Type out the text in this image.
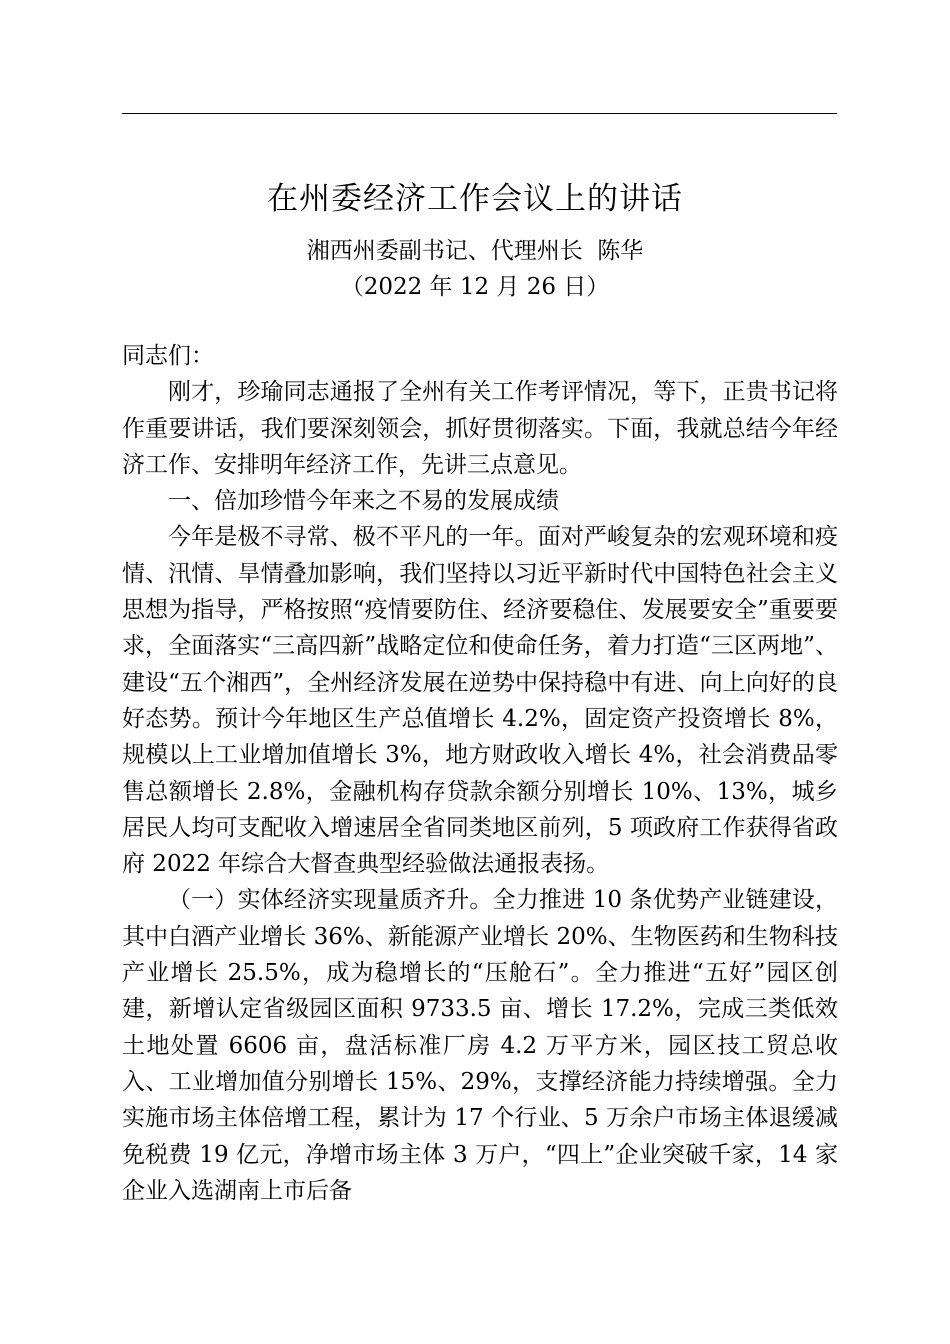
在州委经济工作会议上的讲话
湘西州委副书记、代理州长  陈华
（2022 年 12 月 26 日）

同志们：

刚才，珍瑜同志通报了全州有关工作考评情况，等下，正贵书记将作重要讲话，我们要深刻领会，抓好贯彻落实。下面，我就总结今年经济工作、安排明年经济工作，先讲三点意见。

一、倍加珍惜今年来之不易的发展成绩

今年是极不寻常、极不平凡的一年。面对严峻复杂的宏观环境和疫情、汛情、旱情叠加影响，我们坚持以习近平新时代中国特色社会主义思想为指导，严格按照“疫情要防住、经济要稳住、发展要安全”重要要求，全面落实“三高四新”战略定位和使命任务，着力打造“三区两地”、建设“五个湘西”，全州经济发展在逆势中保持稳中有进、向上向好的良好态势。预计今年地区生产总值增长 4.2%，固定资产投资增长 8%，规模以上工业增加值增长 3%，地方财政收入增长 4%，社会消费品零售总额增长 2.8%，金融机构存贷款余额分别增长 10%、13%，城乡居民人均可支配收入增速居全省同类地区前列，5 项政府工作获得省政府 2022 年综合大督查典型经验做法通报表扬。

（一）实体经济实现量质齐升。全力推进 10 条优势产业链建设，其中白酒产业增长 36%、新能源产业增长 20%、生物医药和生物科技产业增长 25.5%，成为稳增长的“压舱石”。全力推进“五好”园区创建，新增认定省级园区面积 9733.5 亩、增长 17.2%，完成三类低效土地处置 6606 亩，盘活标准厂房 4.2 万平方米，园区技工贸总收入、工业增加值分别增长 15%、29%，支撑经济能力持续增强。全力实施市场主体倍增工程，累计为 17 个行业、5 万余户市场主体退缓减免税费 19 亿元，净增市场主体 3 万户，“四上”企业突破千家，14 家企业入选湖南上市后备
